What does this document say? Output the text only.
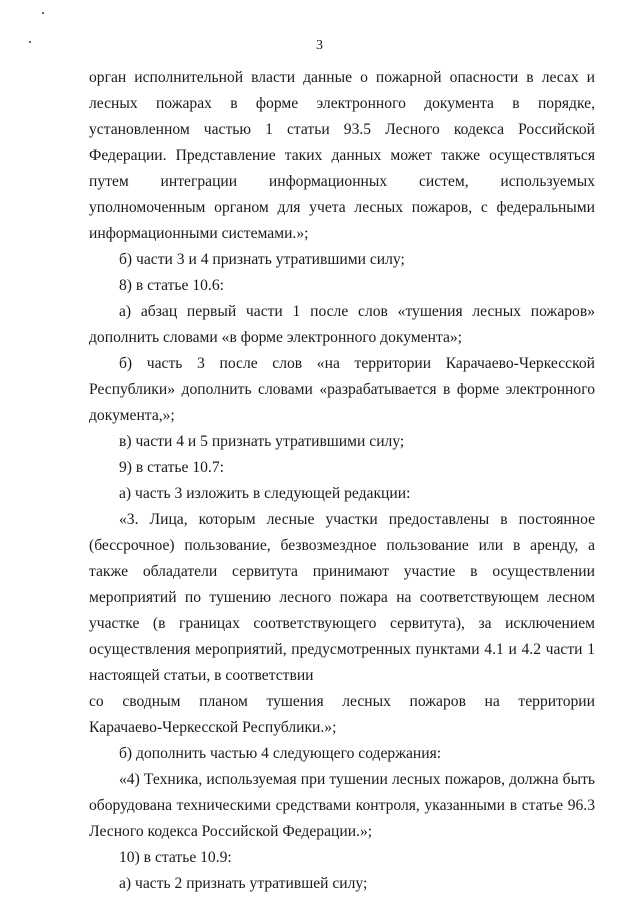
3

орган исполнительной власти данные о пожарной опасности в лесах и лесных пожарах в форме электронного документа в порядке, установленном частью 1 статьи 93.5 Лесного кодекса Российской Федерации. Представление таких данных может также осуществляться путем интеграции информационных систем, используемых уполномоченным органом для учета лесных пожаров, с федеральными информационными системами.»;

б) части 3 и 4 признать утратившими силу;

8) в статье 10.6:

а) абзац первый части 1 после слов «тушения лесных пожаров» дополнить словами «в форме электронного документа»;

б) часть 3 после слов «на территории Карачаево-Черкесской Республики» дополнить словами «разрабатывается в форме электронного документа,»;

в) части 4 и 5 признать утратившими силу;

9) в статье 10.7:

а) часть 3 изложить в следующей редакции:

«3. Лица, которым лесные участки предоставлены в постоянное (бессрочное) пользование, безвозмездное пользование или в аренду, а также обладатели сервитута принимают участие в осуществлении мероприятий по тушению лесного пожара на соответствующем лесном участке (в границах соответствующего сервитута), за исключением осуществления мероприятий, предусмотренных пунктами 4.1 и 4.2 части 1 настоящей статьи, в соответствии

со сводным планом тушения лесных пожаров на территории

Карачаево-Черкесской Республики.»;

б) дополнить частью 4 следующего содержания:

«4) Техника, используемая при тушении лесных пожаров, должна быть оборудована техническими средствами контроля, указанными в статье 96.3 Лесного кодекса Российской Федерации.»;

10) в статье 10.9:

а) часть 2 признать утратившей силу;
